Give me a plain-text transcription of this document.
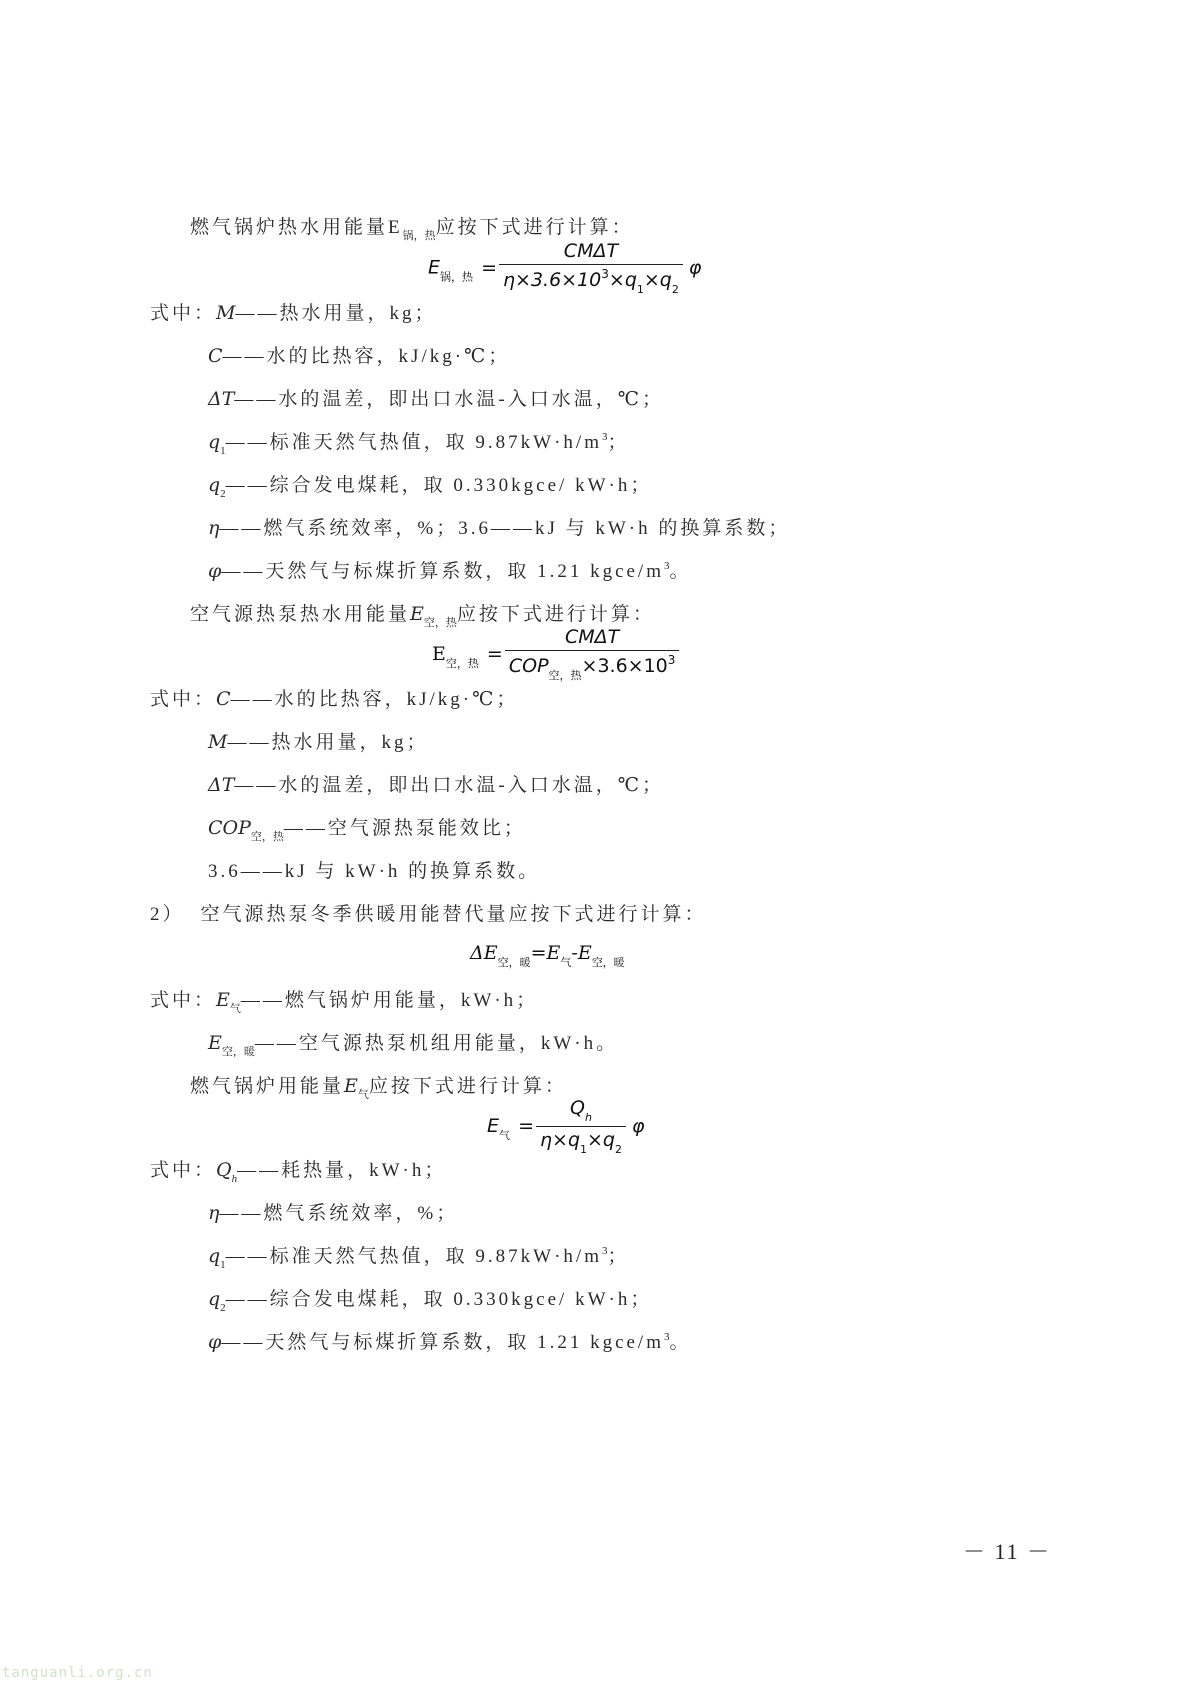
燃气锅炉热水用能量$E_{锅,热}$应按下式进行计算：
$E_{锅,热} = \frac{\text{CMΔT}}{\eta\times 3.6\times 10^3\times q_1\times q_2}$ φ
式中：M——热水用量，kg；
C——水的比热容，kJ/kg·℃；
ΔT——水的温差，即出口水温-入口水温，℃；
$q_1——$标准天然气热值，取 $9.87kW\cdot h/m^3$；
$q_2——$综合发电煤耗，取 0.330kgce/ kW·h；
η——燃气系统效率，%；3.6——kJ 与 kW·h 的换算系数；
φ——天然气与标煤折算系数，取 1.21 kgce/$m^3$。
空气源热泵热水用能量$E_{空,热}$应按下式进行计算：
$E_{空,热} = \frac{\text{CMΔT}}{COP_{空,热}\times 3.6\times 10^3}$
式中：C——水的比热容，kJ/kg·℃；
M——热水用量，kg；
ΔT——水的温差，即出口水温-入口水温，℃；
$COP_{空,热}——$空气源热泵能效比；
3.6——kJ 与 kW·h 的换算系数。
2） 空气源热泵冬季供暖用能替代量应按下式进行计算：
$\Delta E_{空,暖}=E_气-E_{空,暖}$
式中：$E_气——$燃气锅炉用能量，kW·h；
$E_{空,暖}——$空气源热泵机组用能量，kW·h。
燃气锅炉用能量$E_气$应按下式进行计算：
$E_气 = \frac{Q_h}{\eta\times q_1\times q_2}$ φ
式中：$Q_h——$耗热量，kW·h；
η——燃气系统效率，%；
$q_1——$标准天然气热值，取 $9.87kW\cdot h/m^3$；
$q_2——$综合发电煤耗，取 0.330kgce/ kW·h；
φ——天然气与标煤折算系数，取 1.21 kgce/$m^3$。
－ 11 －
tanguanli.org.cn
